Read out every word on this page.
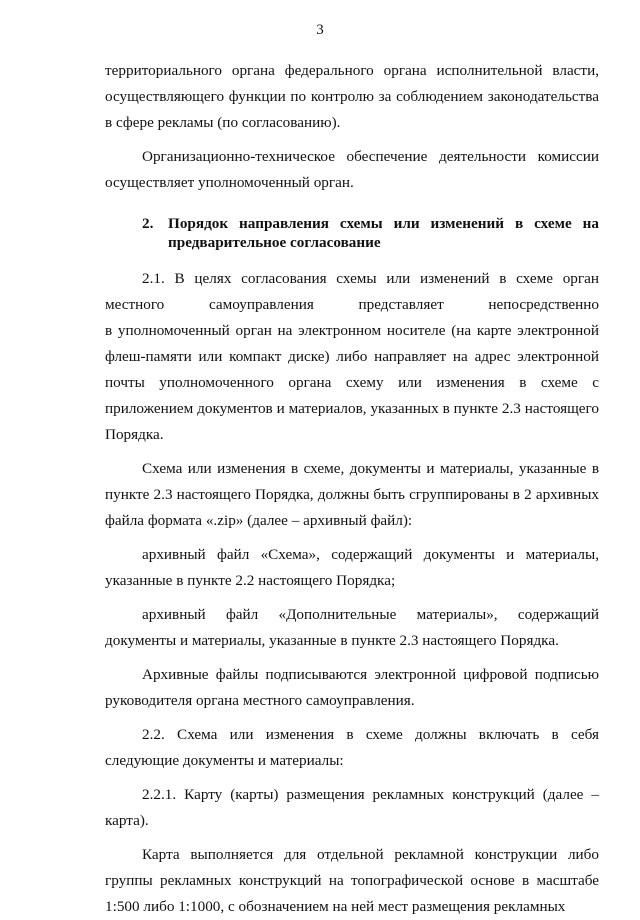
3

территориального органа федерального органа исполнительной власти, осуществляющего функции по контролю за соблюдением законодательства в сфере рекламы (по согласованию).

Организационно-техническое обеспечение деятельности комиссии осуществляет уполномоченный орган.

2. Порядок направления схемы или изменений в схеме на предварительное согласование
2.1. В целях согласования схемы или изменений в схеме орган
местного самоуправления представляет непосредственно

в уполномоченный орган на электронном носителе (на карте электронной флеш-памяти или компакт диске) либо направляет на адрес электронной почты уполномоченного органа схему или изменения в схеме с приложением документов и материалов, указанных в пункте 2.3 настоящего Порядка.

Схема или изменения в схеме, документы и материалы, указанные в пункте 2.3 настоящего Порядка, должны быть сгруппированы в 2 архивных файла формата «.zip» (далее – архивный файл):

архивный файл «Схема», содержащий документы и материалы, указанные в пункте 2.2 настоящего Порядка;

архивный файл «Дополнительные материалы», содержащий документы и материалы, указанные в пункте 2.3 настоящего Порядка.

Архивные файлы подписываются электронной цифровой подписью руководителя органа местного самоуправления.

2.2. Схема или изменения в схеме должны включать в себя следующие документы и материалы:

2.2.1. Карту (карты) размещения рекламных конструкций (далее – карта).

Карта выполняется для отдельной рекламной конструкции либо группы рекламных конструкций на топографической основе в масштабе 1:500 либо 1:1000, с обозначением на ней мест размещения рекламных
